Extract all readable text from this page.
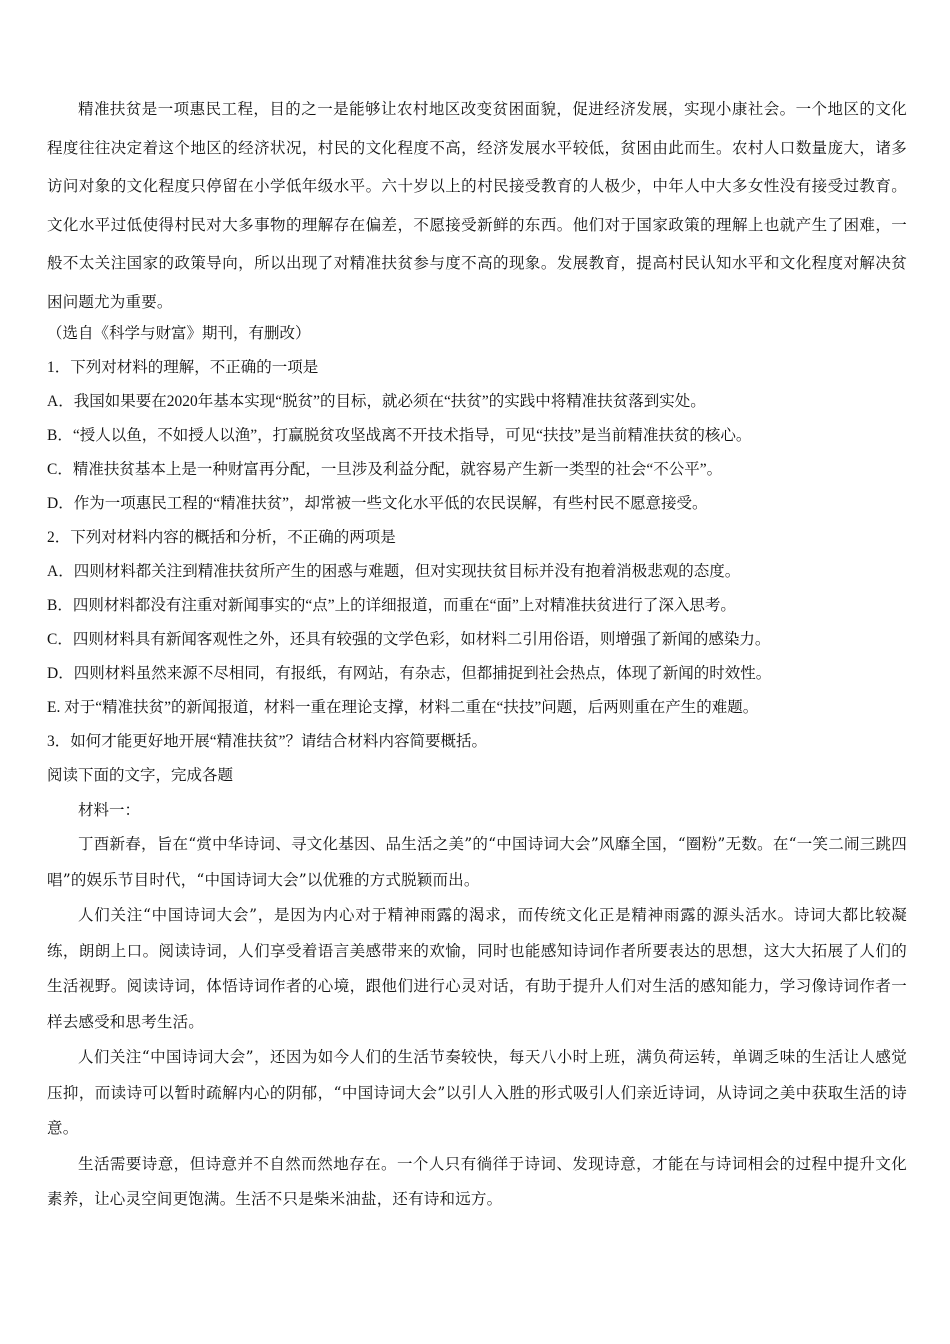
精准扶贫是一项惠民工程，目的之一是能够让农村地区改变贫困面貌，促进经济发展，实现小康社会。一个地区的文化程度往往决定着这个地区的经济状况，村民的文化程度不高，经济发展水平较低，贫困由此而生。农村人口数量庞大，诸多访问对象的文化程度只停留在小学低年级水平。六十岁以上的村民接受教育的人极少，中年人中大多女性没有接受过教育。文化水平过低使得村民对大多事物的理解存在偏差，不愿接受新鲜的东西。他们对于国家政策的理解上也就产生了困难，一般不太关注国家的政策导向，所以出现了对精准扶贫参与度不高的现象。发展教育，提高村民认知水平和文化程度对解决贫困问题尤为重要。

（选自《科学与财富》期刊，有删改）

1．下列对材料的理解，不正确的一项是

A．我国如果要在2020年基本实现“脱贫”的目标，就必须在“扶贫”的实践中将精准扶贫落到实处。

B．“授人以鱼，不如授人以渔”，打赢脱贫攻坚战离不开技术指导，可见“扶技”是当前精准扶贫的核心。

C．精准扶贫基本上是一种财富再分配，一旦涉及利益分配，就容易产生新一类型的社会“不公平”。

D．作为一项惠民工程的“精准扶贫”，却常被一些文化水平低的农民误解，有些村民不愿意接受。

2．下列对材料内容的概括和分析，不正确的两项是

A．四则材料都关注到精准扶贫所产生的困惑与难题，但对实现扶贫目标并没有抱着消极悲观的态度。

B．四则材料都没有注重对新闻事实的“点”上的详细报道，而重在“面”上对精准扶贫进行了深入思考。

C．四则材料具有新闻客观性之外，还具有较强的文学色彩，如材料二引用俗语，则增强了新闻的感染力。

D．四则材料虽然来源不尽相同，有报纸，有网站，有杂志，但都捕捉到社会热点，体现了新闻的时效性。

E. 对于“精准扶贫”的新闻报道，材料一重在理论支撑，材料二重在“扶技”问题，后两则重在产生的难题。

3．如何才能更好地开展“精准扶贫”？请结合材料内容简要概括。

阅读下面的文字，完成各题

材料一：

丁酉新春，旨在“赏中华诗词、寻文化基因、品生活之美”的“中国诗词大会”风靡全国，“圈粉”无数。在“一笑二闹三跳四唱”的娱乐节目时代，“中国诗词大会”以优雅的方式脱颖而出。

人们关注“中国诗词大会”，是因为内心对于精神雨露的渴求，而传统文化正是精神雨露的源头活水。诗词大都比较凝练，朗朗上口。阅读诗词，人们享受着语言美感带来的欢愉，同时也能感知诗词作者所要表达的思想，这大大拓展了人们的生活视野。阅读诗词，体悟诗词作者的心境，跟他们进行心灵对话，有助于提升人们对生活的感知能力，学习像诗词作者一样去感受和思考生活。

人们关注“中国诗词大会”，还因为如今人们的生活节奏较快，每天八小时上班，满负荷运转，单调乏味的生活让人感觉压抑，而读诗可以暂时疏解内心的阴郁，“中国诗词大会”以引人入胜的形式吸引人们亲近诗词，从诗词之美中获取生活的诗意。

生活需要诗意，但诗意并不自然而然地存在。一个人只有徜徉于诗词、发现诗意，才能在与诗词相会的过程中提升文化素养，让心灵空间更饱满。生活不只是柴米油盐，还有诗和远方。
